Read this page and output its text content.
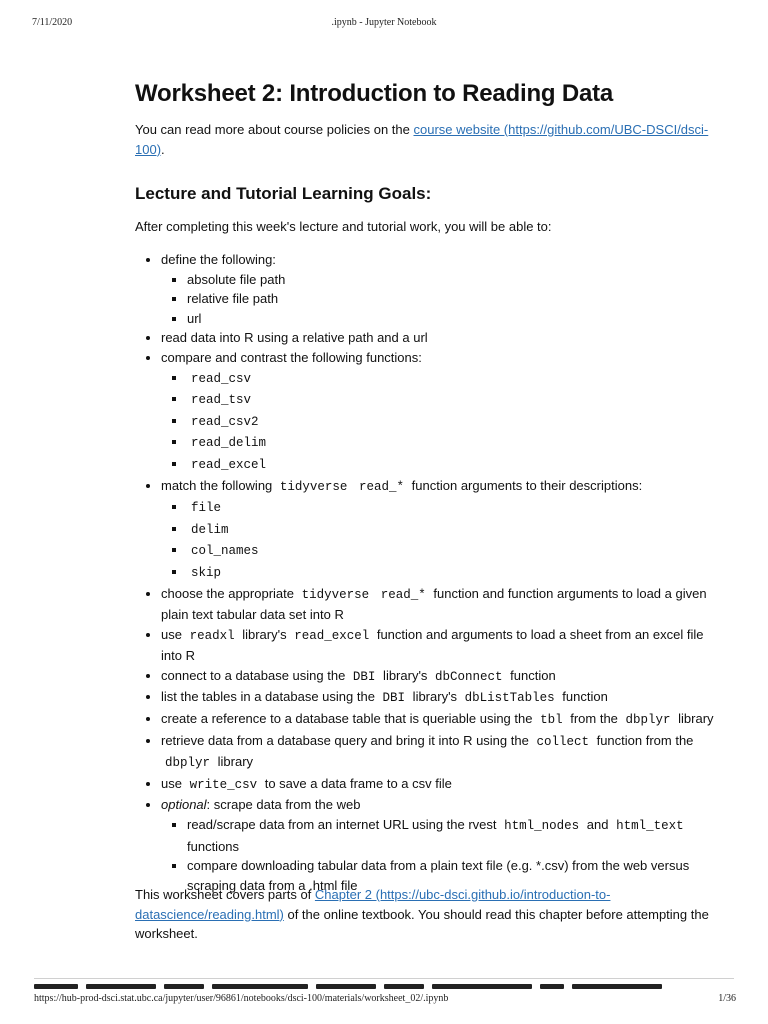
7/11/2020	.ipynb - Jupyter Notebook
Worksheet 2: Introduction to Reading Data

You can read more about course policies on the course website (https://github.com/UBC-DSCI/dsci-100).

Lecture and Tutorial Learning Goals:

After completing this week's lecture and tutorial work, you will be able to:

• define the following:
▪ absolute file path
▪ relative file path
▪ url
• read data into R using a relative path and a url
• compare and contrast the following functions:
▪ read_csv
▪ read_tsv
▪ read_csv2
▪ read_delim
▪ read_excel
• match the following tidyverse read_* function arguments to their descriptions:
▪ file
▪ delim
▪ col_names
▪ skip
• choose the appropriate tidyverse read_* function and function arguments to load a given plain text tabular data set into R
• use readxl library's read_excel function and arguments to load a sheet from an excel file into R
• connect to a database using the DBI library's dbConnect function
• list the tables in a database using the DBI library's dbListTables function
• create a reference to a database table that is queriable using the tbl from the dbplyr library
• retrieve data from a database query and bring it into R using the collect function from the dbplyr library
• use write_csv to save a data frame to a csv file
• optional: scrape data from the web
▪ read/scrape data from an internet URL using the rvest html_nodes and html_text functions
▪ compare downloading tabular data from a plain text file (e.g. *.csv) from the web versus scraping data from a .html file

This worksheet covers parts of Chapter 2 (https://ubc-dsci.github.io/introduction-to-datascience/reading.html) of the online textbook. You should read this chapter before attempting the worksheet.

https://hub-prod-dsci.stat.ubc.ca/jupyter/user/96861/notebooks/dsci-100/materials/worksheet_02/.ipynb	1/36
